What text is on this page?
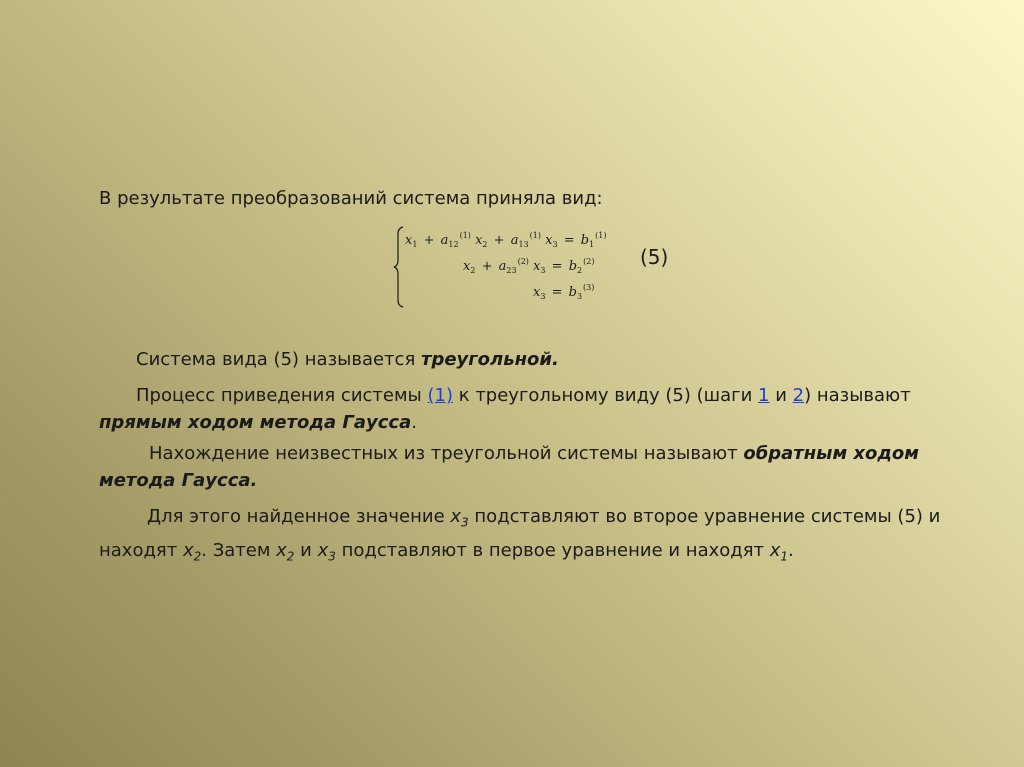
В результате преобразований система приняла вид:

$x_1 + a_{12}^{(1)}$ $x_2 + a_{13}^{(1)}$ $x_3 = b_1^{(1)}$
$x_2 + a_{23}^{(2)}$ $x_3 = b_2^{(2)}$
$x_3 = b_3^{(3)}$
(5)

Система вида (5) называется треугольной.

Процесс приведения системы (1) к треугольному виду (5) (шаги 1 и 2) называют
прямым ходом метода Гаусса.

Нахождение неизвестных из треугольной системы называют обратным ходом
метода Гаусса.

Для этого найденное значение $x_3$ подставляют во второе уравнение системы (5) и
находят $x_2$. Затем $x_2$ и $x_3$ подставляют в первое уравнение и находят $x_1$.
